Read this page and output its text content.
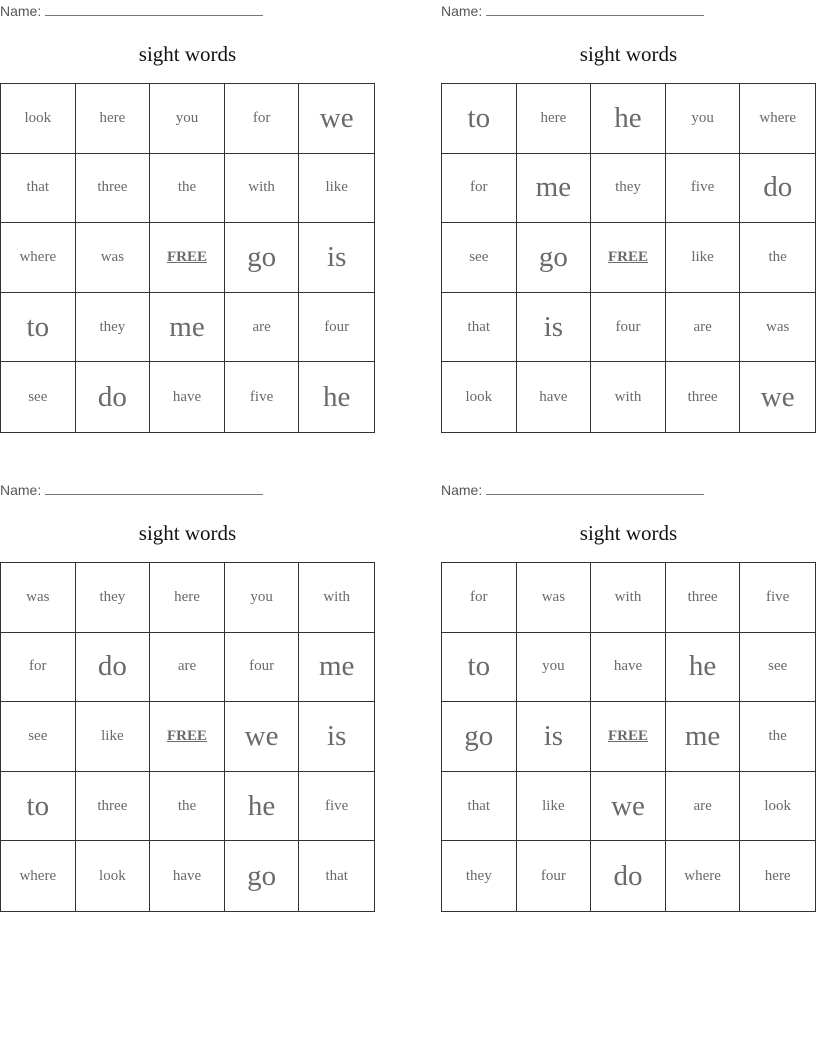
Name:
sight words
look	here	you	for	we
that	three	the	with	like
where	was	FREE	go	is
to	they	me	are	four
see	do	have	five	he
Name:
sight words
to	here	he	you	where
for	me	they	five	do
see	go	FREE	like	the
that	is	four	are	was
look	have	with	three	we
Name:
sight words
was	they	here	you	with
for	do	are	four	me
see	like	FREE	we	is
to	three	the	he	five
where	look	have	go	that
Name:
sight words
for	was	with	three	five
to	you	have	he	see
go	is	FREE	me	the
that	like	we	are	look
they	four	do	where	here
